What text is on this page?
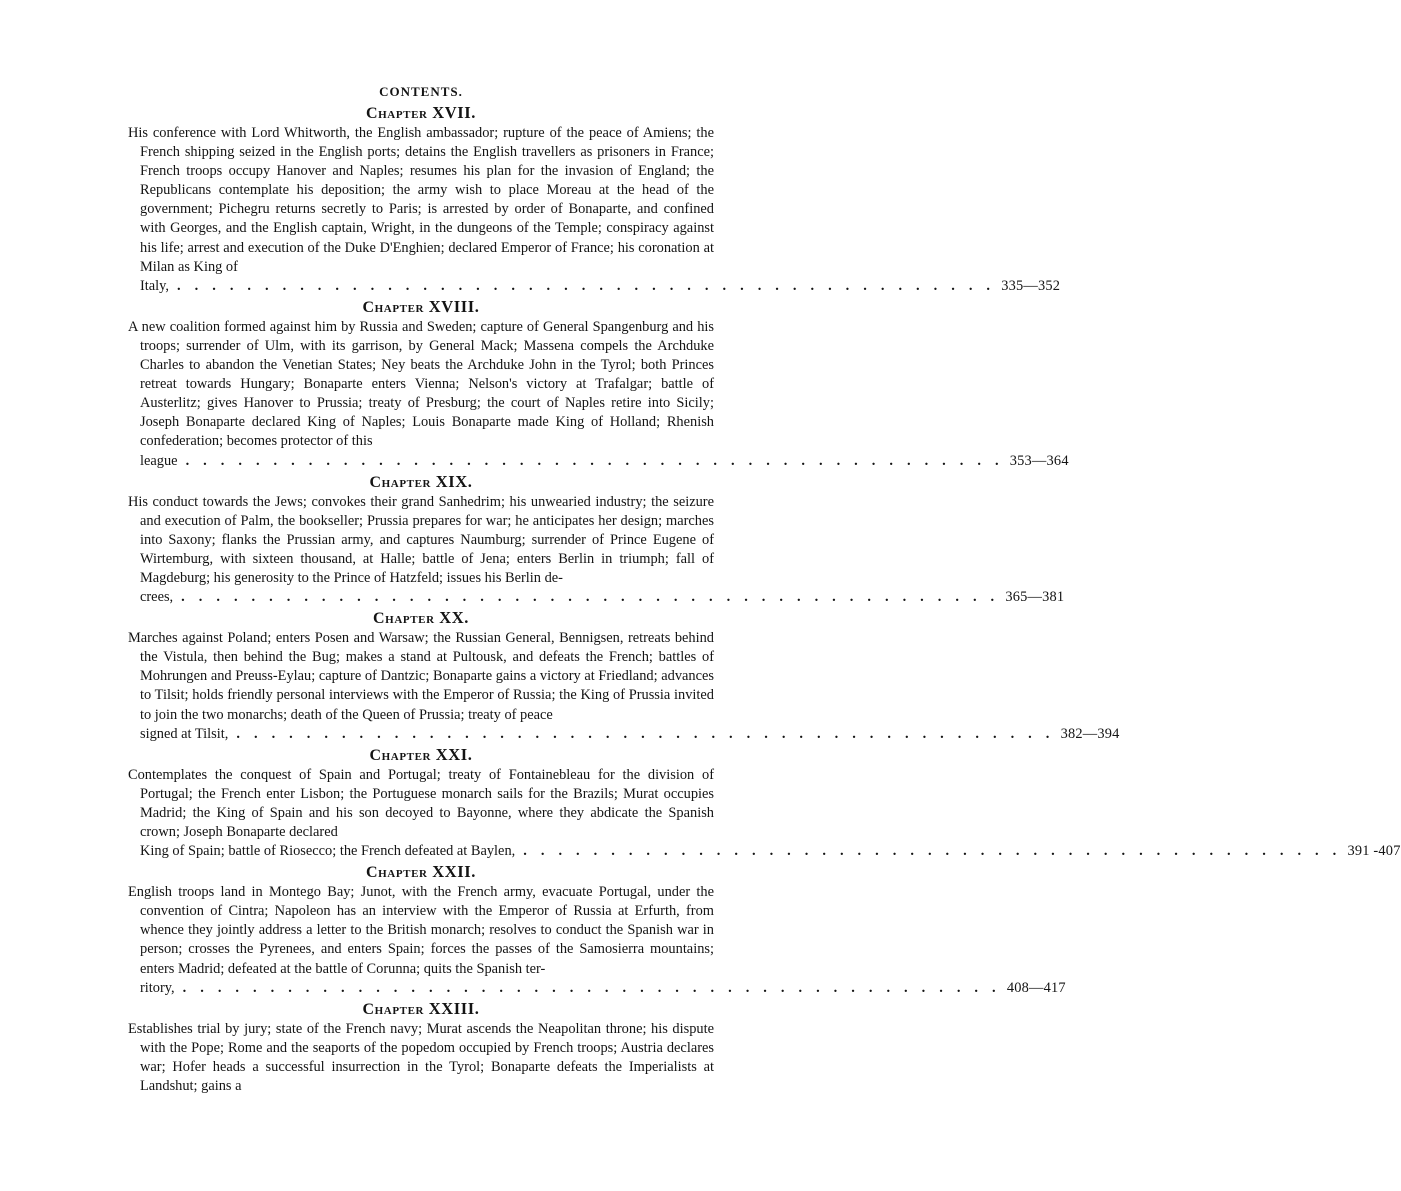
CONTENTS.
Chapter XVII.

His conference with Lord Whitworth, the English ambassador; rupture of the peace of Amiens; the French shipping seized in the English ports; detains the English travellers as prisoners in France; French troops occupy Hanover and Naples; resumes his plan for the invasion of England; the Republicans contemplate his deposition; the army wish to place Moreau at the head of the government; Pichegru returns secretly to Paris; is arrested by order of Bonaparte, and confined with Georges, and the English captain, Wright, in the dungeons of the Temple; conspiracy against his life; arrest and execution of the Duke D'Enghien; declared Emperor of France; his coronation at Milan as King of
Italy, . . . . . . . . . . . . . . . . . . . . . . . . . . . . . . . . . . . . . . . . . . . . . . . 335—352

Chapter XVIII.

A new coalition formed against him by Russia and Sweden; capture of General Spangenburg and his troops; surrender of Ulm, with its garrison, by General Mack; Massena compels the Archduke Charles to abandon the Venetian States; Ney beats the Archduke John in the Tyrol; both Princes retreat towards Hungary; Bonaparte enters Vienna; Nelson's victory at Trafalgar; battle of Austerlitz; gives Hanover to Prussia; treaty of Presburg; the court of Naples retire into Sicily; Joseph Bonaparte declared King of Naples; Louis Bonaparte made King of Holland; Rhenish confederation; becomes protector of this
league . . . . . . . . . . . . . . . . . . . . . . . . . . . . . . . . . . . . . . . . . . . . . . . 353—364

Chapter XIX.

His conduct towards the Jews; convokes their grand Sanhedrim; his unwearied industry; the seizure and execution of Palm, the bookseller; Prussia prepares for war; he anticipates her design; marches into Saxony; flanks the Prussian army, and captures Naumburg; surrender of Prince Eugene of Wirtemburg, with sixteen thousand, at Halle; battle of Jena; enters Berlin in triumph; fall of Magdeburg; his generosity to the Prince of Hatzfeld; issues his Berlin de-
crees, . . . . . . . . . . . . . . . . . . . . . . . . . . . . . . . . . . . . . . . . . . . . . . . 365—381

Chapter XX.

Marches against Poland; enters Posen and Warsaw; the Russian General, Bennigsen, retreats behind the Vistula, then behind the Bug; makes a stand at Pultousk, and defeats the French; battles of Mohrungen and Preuss-Eylau; capture of Dantzic; Bonaparte gains a victory at Friedland; advances to Tilsit; holds friendly personal interviews with the Emperor of Russia; the King of Prussia invited to join the two monarchs; death of the Queen of Prussia; treaty of peace
signed at Tilsit, . . . . . . . . . . . . . . . . . . . . . . . . . . . . . . . . . . . . . . . . . . . . . . . 382—394

Chapter XXI.

Contemplates the conquest of Spain and Portugal; treaty of Fontainebleau for the division of Portugal; the French enter Lisbon; the Portuguese monarch sails for the Brazils; Murat occupies Madrid; the King of Spain and his son decoyed to Bayonne, where they abdicate the Spanish crown; Joseph Bonaparte declared
King of Spain; battle of Riosecco; the French defeated at Baylen, . . . . . . . . . . . . . . . . . . . . . . . . . . . . . . . . . . . . . . . . . . . . . . . 391 -407

Chapter XXII.

English troops land in Montego Bay; Junot, with the French army, evacuate Portugal, under the convention of Cintra; Napoleon has an interview with the Emperor of Russia at Erfurth, from whence they jointly address a letter to the British monarch; resolves to conduct the Spanish war in person; crosses the Pyrenees, and enters Spain; forces the passes of the Samosierra mountains; enters Madrid; defeated at the battle of Corunna; quits the Spanish ter-
ritory, . . . . . . . . . . . . . . . . . . . . . . . . . . . . . . . . . . . . . . . . . . . . . . . 408—417

Chapter XXIII.

Establishes trial by jury; state of the French navy; Murat ascends the Neapolitan throne; his dispute with the Pope; Rome and the seaports of the popedom occupied by French troops; Austria declares war; Hofer heads a successful insurrection in the Tyrol; Bonaparte defeats the Imperialists at Landshut; gains a
